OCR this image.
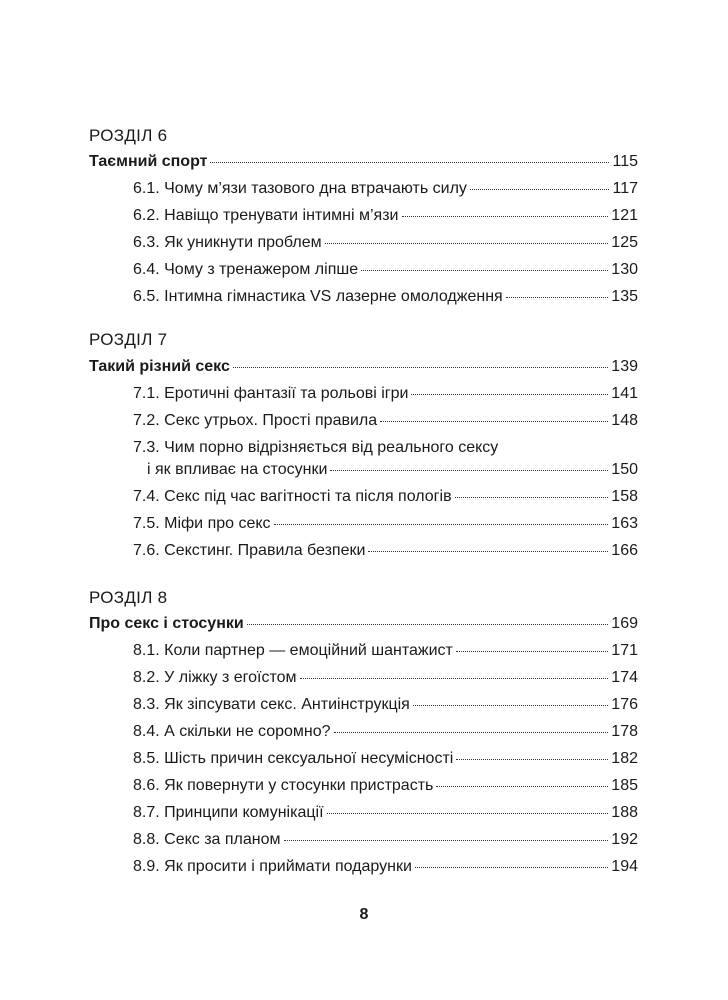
РОЗДІЛ 6
Таємний спорт	115
6.1. Чому м’язи тазового дна втрачають силу	117
6.2. Навіщо тренувати інтимні м’язи	121
6.3. Як уникнути проблем	125
6.4. Чому з тренажером ліпше	130
6.5. Інтимна гімнастика VS лазерне омолодження	135
РОЗДІЛ 7
Такий різний секс	139
7.1. Еротичні фантазії та рольові ігри	141
7.2. Секс утрьох. Прості правила	148
7.3. Чим порно відрізняється від реального сексу
і як впливає на стосунки	150
7.4. Секс під час вагітності та після пологів	158
7.5. Міфи про секс	163
7.6. Секстинг. Правила безпеки	166
РОЗДІЛ 8
Про секс і стосунки	169
8.1. Коли партнер — емоційний шантажист	171
8.2. У ліжку з егоїстом	174
8.3. Як зіпсувати секс. Антиінструкція	176
8.4. А скільки не соромно?	178
8.5. Шість причин сексуальної несумісності	182
8.6. Як повернути у стосунки пристрасть	185
8.7. Принципи комунікації	188
8.8. Секс за планом	192
8.9. Як просити і приймати подарунки	194
8
